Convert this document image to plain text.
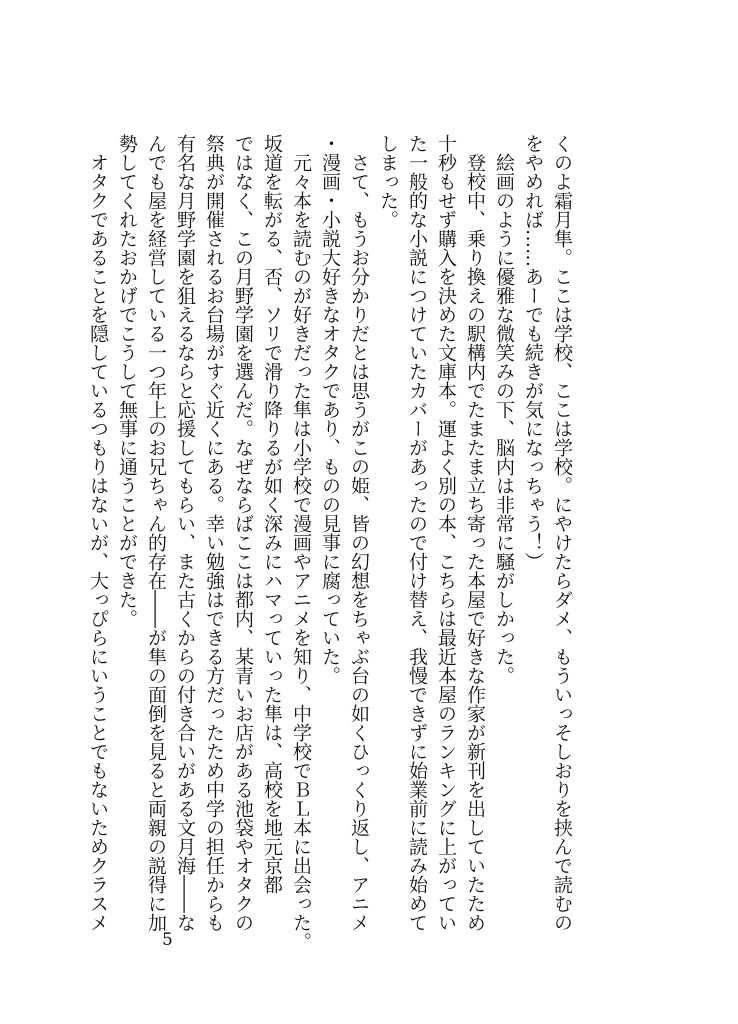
くのよ霜月隼。ここは学校、ここは学校。にやけたらダメ、もういっそしおりを挟んで読むの
をやめれば……あーでも続きが気になっちゃう！）
　絵画のように優雅な微笑みの下、脳内は非常に騒がしかった。
　登校中、乗り換えの駅構内でたまたま立ち寄った本屋で好きな作家が新刊を出していたため
十秒もせず購入を決めた文庫本。運よく別の本、こちらは最近本屋のランキングに上がってい
た一般的な小説につけていたカバーがあったので付け替え、我慢できずに始業前に読み始めて
しまった。
　さて、もうお分かりだとは思うがこの姫、皆の幻想をちゃぶ台の如くひっくり返し、アニメ
・漫画・小説大好きなオタクであり、ものの見事に腐っていた。
　元々本を読むのが好きだった隼は小学校で漫画やアニメを知り、中学校でＢＬ本に出会った。
坂道を転がる、否、ソリで滑り降りるが如く深みにハマっていった隼は、高校を地元京都
ではなく、この月野学園を選んだ。なぜならばここは都内、某青いお店がある池袋やオタクの
祭典が開催されるお台場がすぐ近くにある。幸い勉強はできる方だったため中学の担任からも
有名な月野学園を狙えるならと応援してもらい、また古くからの付き合いがある文月海――な
んでも屋を経営している一つ年上のお兄ちゃん的存在――が隼の面倒を見ると両親の説得に加
勢してくれたおかげでこうして無事に通うことができた。
　オタクであることを隠しているつもりはないが、大っぴらにいうことでもないためクラスメ
5
